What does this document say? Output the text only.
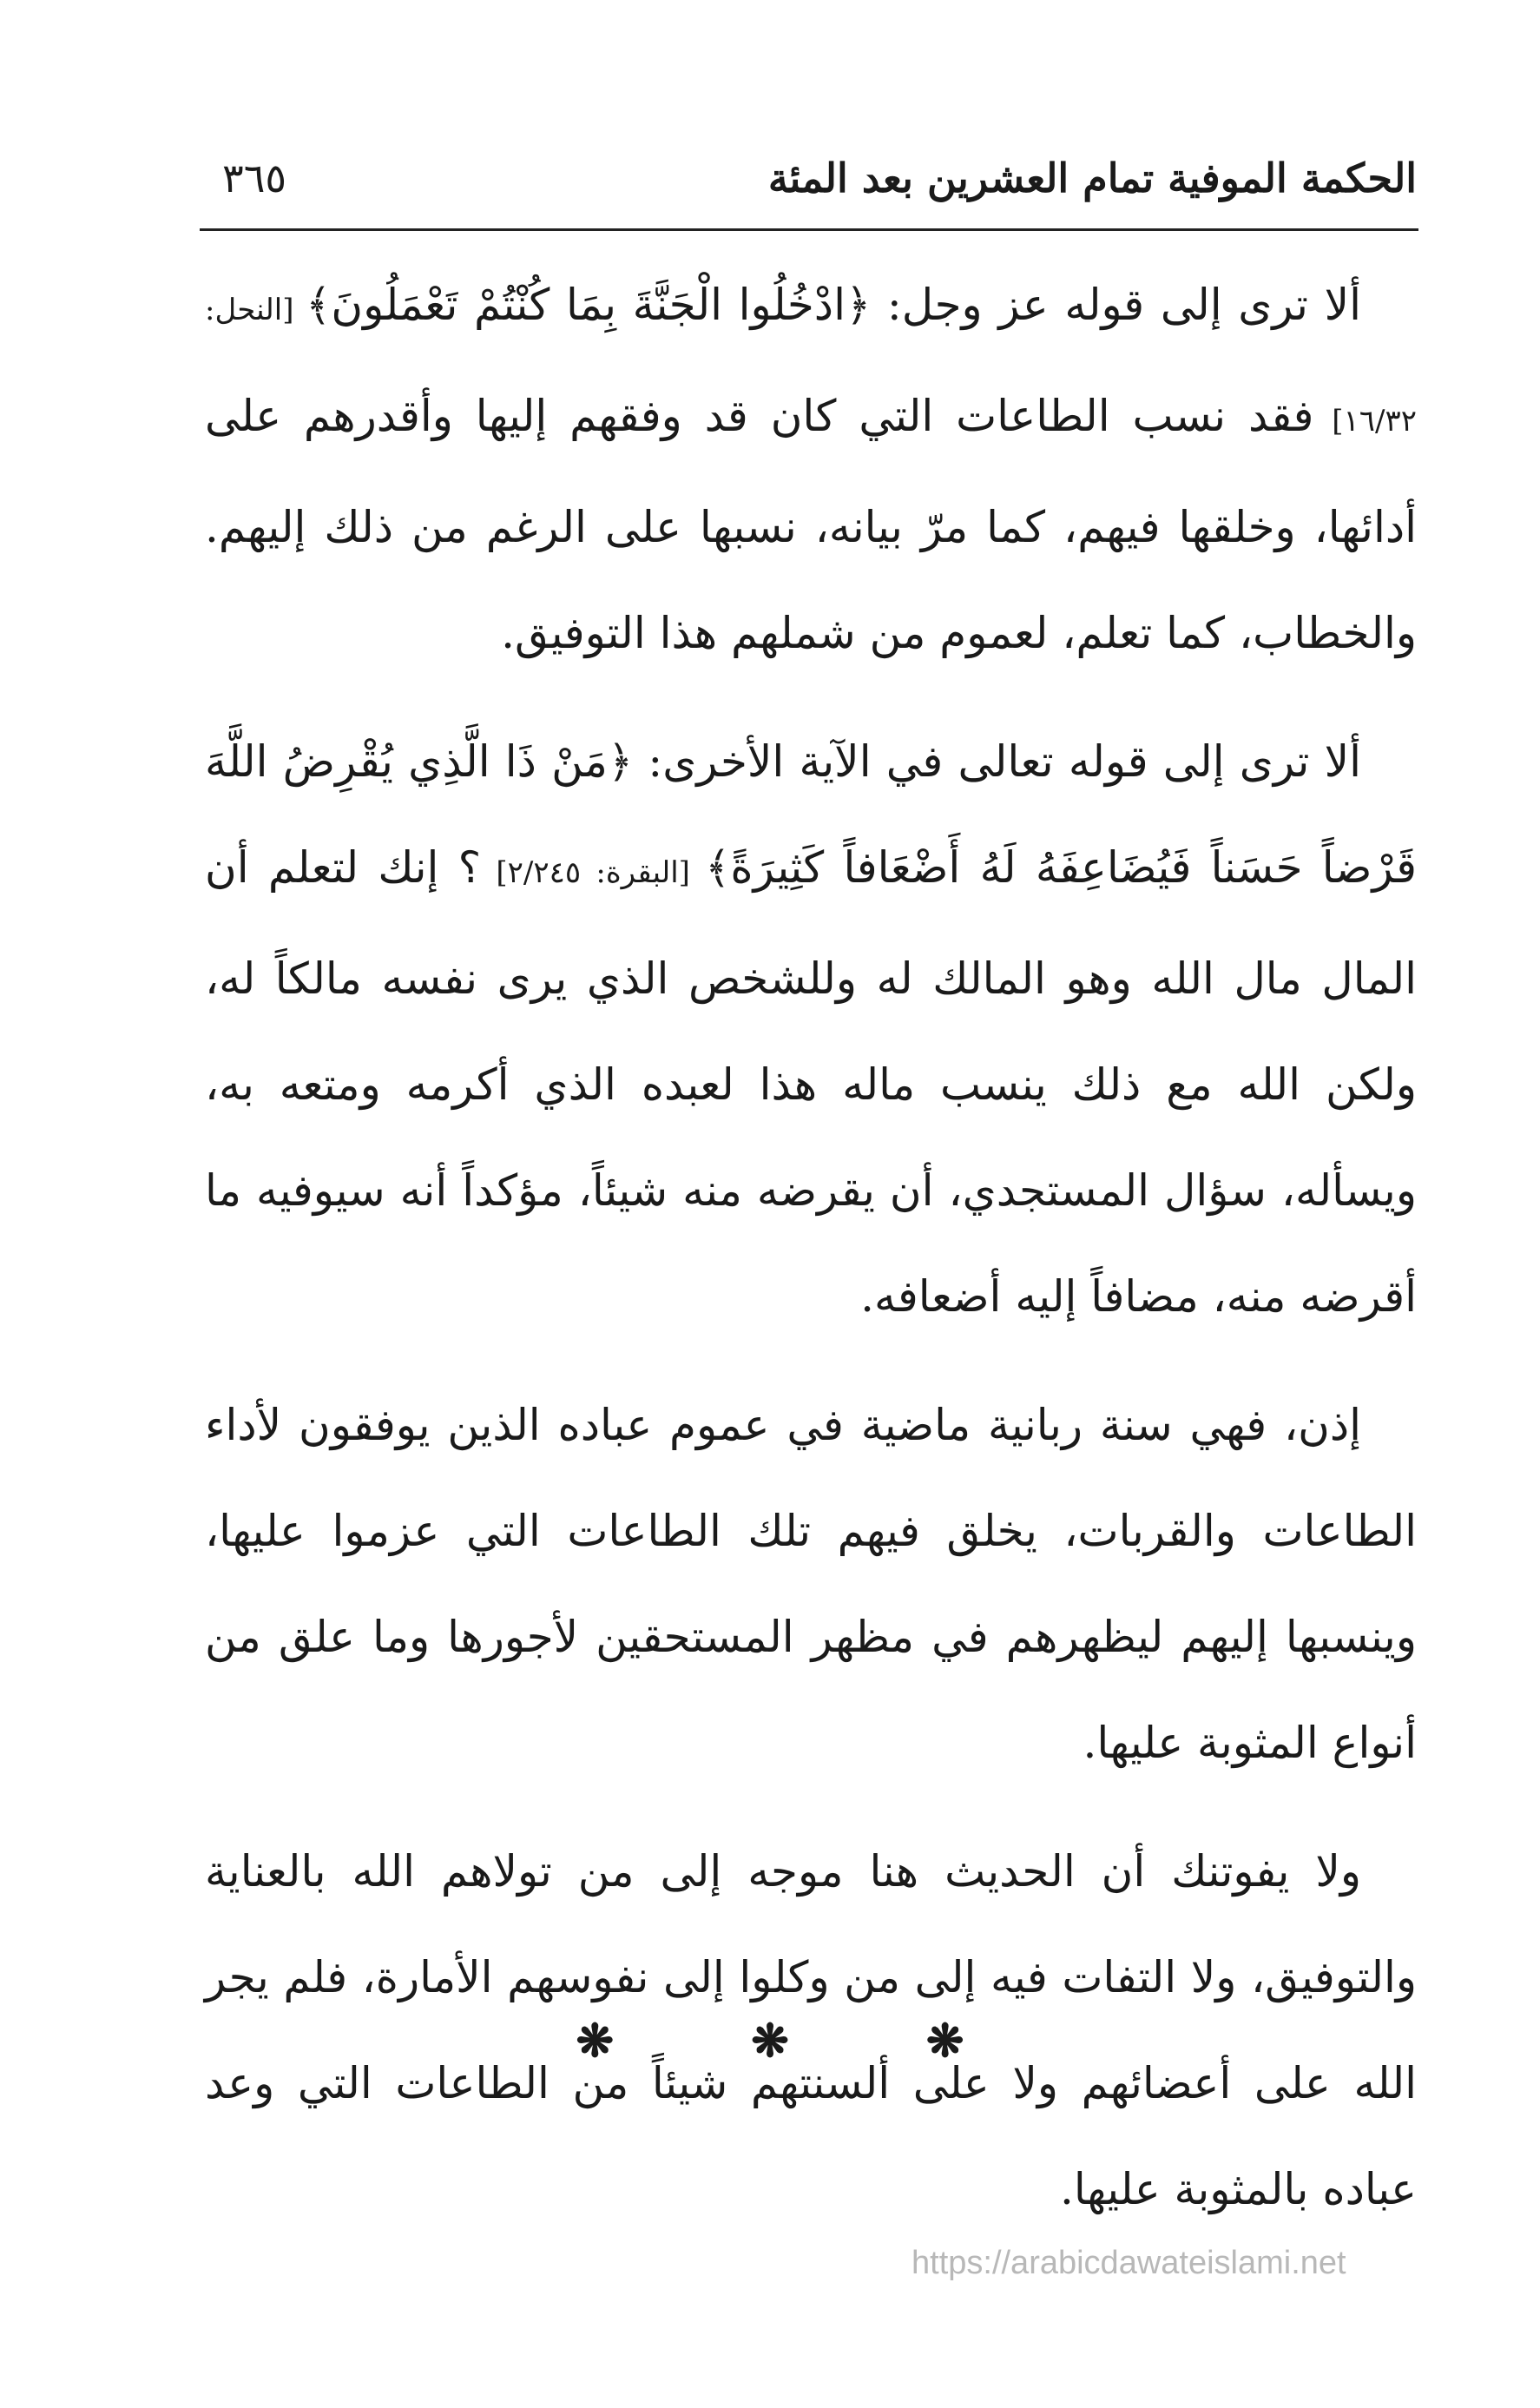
الحكمة الموفية تمام العشرين بعد المئة
٣٦٥

ألا ترى إلى قوله عز وجل: ﴿ادْخُلُوا الْجَنَّةَ بِمَا كُنْتُمْ تَعْمَلُونَ﴾ [النحل: ١٦/٣٢] فقد نسب الطاعات التي كان قد وفقهم إليها وأقدرهم على أدائها، وخلقها فيهم، كما مرّ بيانه، نسبها على الرغم من ذلك إليهم. والخطاب، كما تعلم، لعموم من شملهم هذا التوفيق.

ألا ترى إلى قوله تعالى في الآية الأخرى: ﴿مَنْ ذَا الَّذِي يُقْرِضُ اللَّهَ قَرْضاً حَسَناً فَيُضَاعِفَهُ لَهُ أَضْعَافاً كَثِيرَةً﴾ [البقرة: ٢/٢٤٥] ؟ إنك لتعلم أن المال مال الله وهو المالك له وللشخص الذي يرى نفسه مالكاً له، ولكن الله مع ذلك ينسب ماله هذا لعبده الذي أكرمه ومتعه به، ويسأله، سؤال المستجدي، أن يقرضه منه شيئاً، مؤكداً أنه سيوفيه ما أقرضه منه، مضافاً إليه أضعافه.

إذن، فهي سنة ربانية ماضية في عموم عباده الذين يوفقون لأداء الطاعات والقربات، يخلق فيهم تلك الطاعات التي عزموا عليها، وينسبها إليهم ليظهرهم في مظهر المستحقين لأجورها وما علق من أنواع المثوبة عليها.

ولا يفوتنك أن الحديث هنا موجه إلى من تولاهم الله بالعناية والتوفيق، ولا التفات فيه إلى من وكلوا إلى نفوسهم الأمارة، فلم يجر الله على أعضائهم ولا على ألسنتهم شيئاً من الطاعات التي وعد عباده بالمثوبة عليها.

❋	❋	❋
https://arabicdawateislami.net
